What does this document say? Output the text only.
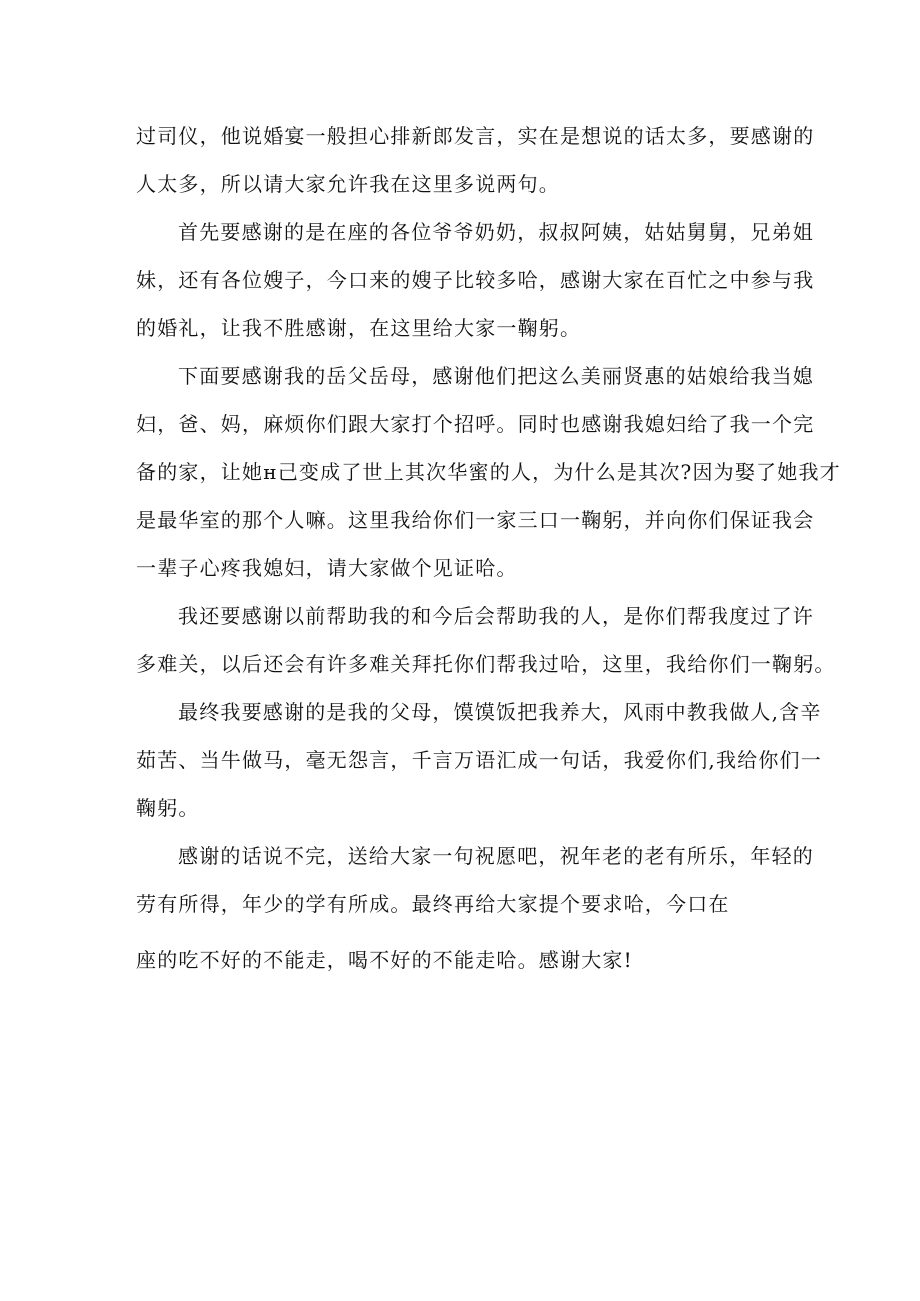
过司仪，他说婚宴一般担心排新郎发言，实在是想说的话太多，要感谢的
人太多，所以请大家允许我在这里多说两句。

首先要感谢的是在座的各位爷爷奶奶，叔叔阿姨，姑姑舅舅，兄弟姐
妹，还有各位嫂子，今口来的嫂子比较多哈，感谢大家在百忙之中参与我
的婚礼，让我不胜感谢，在这里给大家一鞠躬。

下面要感谢我的岳父岳母，感谢他们把这么美丽贤惠的姑娘给我当媳
妇，爸、妈，麻烦你们跟大家打个招呼。同时也感谢我媳妇给了我一个完
备的家，让她н己变成了世上其次华蜜的人，为什么是其次?因为娶了她我才
是最华室的那个人嘛。这里我给你们一家三口一鞠躬，并向你们保证我会
一辈子心疼我媳妇，请大家做个见证哈。

我还要感谢以前帮助我的和今后会帮助我的人，是你们帮我度过了许
多难关，以后还会有许多难关拜托你们帮我过哈，这里，我给你们一鞠躬。

最终我要感谢的是我的父母，馍馍饭把我养大，风雨中教我做人,含辛
茹苦、当牛做马，毫无怨言，千言万语汇成一句话，我爱你们,我给你们一
鞠躬。

感谢的话说不完，送给大家一句祝愿吧，祝年老的老有所乐，年轻的
劳有所得，年少的学有所成。最终再给大家提个要求哈，今口在
座的吃不好的不能走，喝不好的不能走哈。感谢大家!
